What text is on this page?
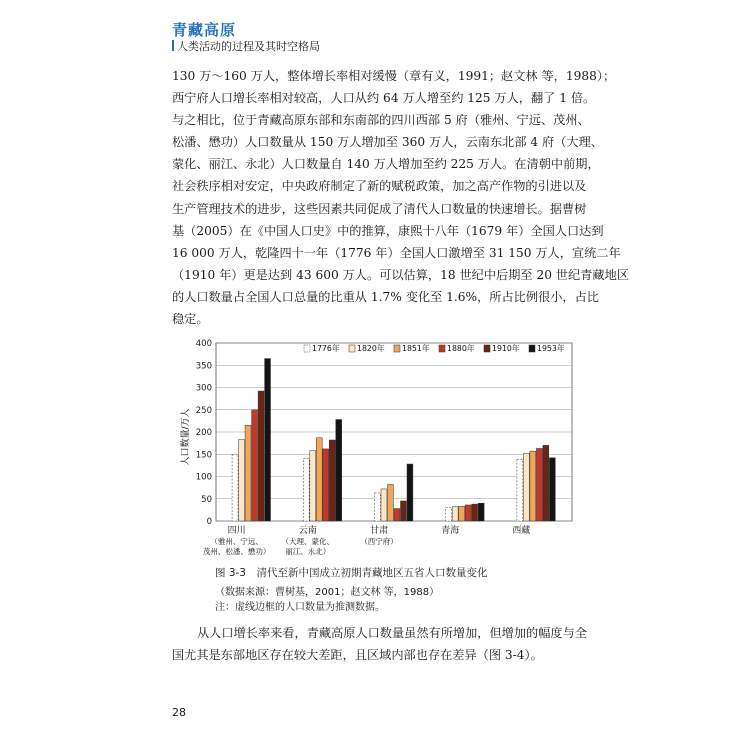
青藏高原
人类活动的过程及其时空格局
130 万～160 万人，整体增长率相对缓慢（章有义，1991；赵文林 等，1988）；
西宁府人口增长率相对较高，人口从约 64 万人增至约 125 万人，翻了 1 倍。
与之相比，位于青藏高原东部和东南部的四川西部 5 府（雅州、宁远、茂州、
松潘、懋功）人口数量从 150 万人增加至 360 万人，云南东北部 4 府（大理、
蒙化、丽江、永北）人口数量自 140 万人增加至约 225 万人。在清朝中前期，
社会秩序相对安定，中央政府制定了新的赋税政策，加之高产作物的引进以及
生产管理技术的进步，这些因素共同促成了清代人口数量的快速增长。据曹树
基（2005）在《中国人口史》中的推算，康熙十八年（1679 年）全国人口达到
16 000 万人，乾隆四十一年（1776 年）全国人口激增至 31 150 万人，宣统二年
（1910 年）更是达到 43 600 万人。可以估算，18 世纪中后期至 20 世纪青藏地区
的人口数量占全国人口总量的比重从 1.7% 变化至 1.6%，所占比例很小，占比
稳定。
人口数量/万人
0
50
100
150
200
250
300
350
400
四川
（雅州、宁远、
茂州、松潘、懋功）
云南
（大理、蒙化、
丽江、永北）
甘肃
（西宁府）
青海	西藏
1776年 1820年 1851年 1880年 1910年 1953年
图 3-3　清代至新中国成立初期青藏地区五省人口数量变化
（数据来源：曹树基，2001；赵文林 等，1988）
注：虚线边框的人口数量为推测数据。
从人口增长率来看，青藏高原人口数量虽然有所增加，但增加的幅度与全
国尤其是东部地区存在较大差距，且区域内部也存在差异（图 3-4）。
28
